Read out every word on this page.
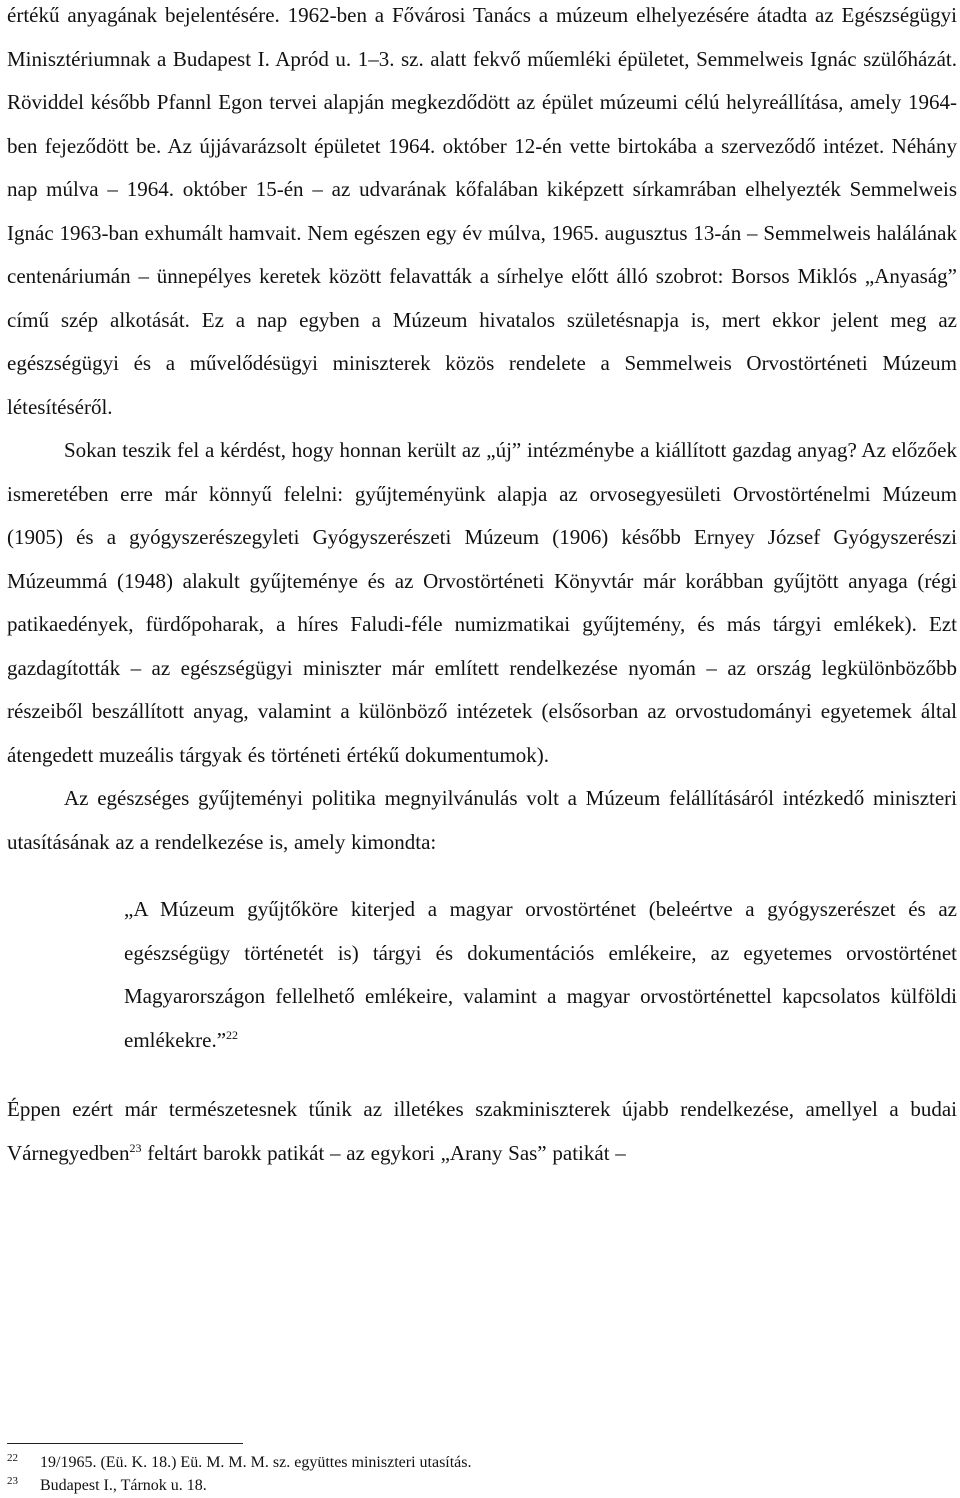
értékű anyagának bejelentésére. 1962-ben a Fővárosi Tanács a múzeum elhelyezésére átadta az Egészségügyi Minisztériumnak a Budapest I. Apród u. 1–3. sz. alatt fekvő műemléki épületet, Semmelweis Ignác szülőházát. Röviddel később Pfannl Egon tervei alapján megkezdődött az épület múzeumi célú helyreállítása, amely 1964-ben fejeződött be. Az újjávarázsolt épületet 1964. október 12-én vette birtokába a szerveződő intézet. Néhány nap múlva – 1964. október 15-én – az udvarának kőfalában kiképzett sírkamrában elhelyezték Semmelweis Ignác 1963-ban exhumált hamvait. Nem egészen egy év múlva, 1965. augusztus 13-án – Semmelweis halálának centenáriumán – ünnepélyes keretek között felavatták a sírhelye előtt álló szobrot: Borsos Miklós „Anyaság” című szép alkotását. Ez a nap egyben a Múzeum hivatalos születésnapja is, mert ekkor jelent meg az egészségügyi és a művelődésügyi miniszterek közös rendelete a Semmelweis Orvostörténeti Múzeum létesítéséről.

Sokan teszik fel a kérdést, hogy honnan került az „új” intézménybe a kiállított gazdag anyag? Az előzőek ismeretében erre már könnyű felelni: gyűjteményünk alapja az orvosegyesületi Orvostörténelmi Múzeum (1905) és a gyógyszerészegyleti Gyógyszerészeti Múzeum (1906) később Ernyey József Gyógyszerészi Múzeummá (1948) alakult gyűjteménye és az Orvostörténeti Könyvtár már korábban gyűjtött anyaga (régi patikaedények, fürdőpoharak, a híres Faludi-féle numizmatikai gyűjtemény, és más tárgyi emlékek). Ezt gazdagították – az egészségügyi miniszter már említett rendelkezése nyomán – az ország legkülönbözőbb részeiből beszállított anyag, valamint a különböző intézetek (elsősorban az orvostudományi egyetemek által átengedett muzeális tárgyak és történeti értékű dokumentumok).

Az egészséges gyűjteményi politika megnyilvánulás volt a Múzeum felállításáról intézkedő miniszteri utasításának az a rendelkezése is, amely kimondta:

„A Múzeum gyűjtőköre kiterjed a magyar orvostörténet (beleértve a gyógyszerészet és az egészségügy történetét is) tárgyi és dokumentációs emlékeire, az egyetemes orvostörténet Magyarországon fellelhető emlékeire, valamint a magyar orvostörténettel kapcsolatos külföldi emlékekre.”$^{22}$

Éppen ezért már természetesnek tűnik az illetékes szakminiszterek újabb rendelkezése, amellyel a budai Várnegyedben$^{23}$ feltárt barokk patikát – az egykori „Arany Sas” patikát –

22	19/1965. (Eü. K. 18.) Eü. M. M. M. sz. együttes miniszteri utasítás.
23	Budapest I., Tárnok u. 18.
